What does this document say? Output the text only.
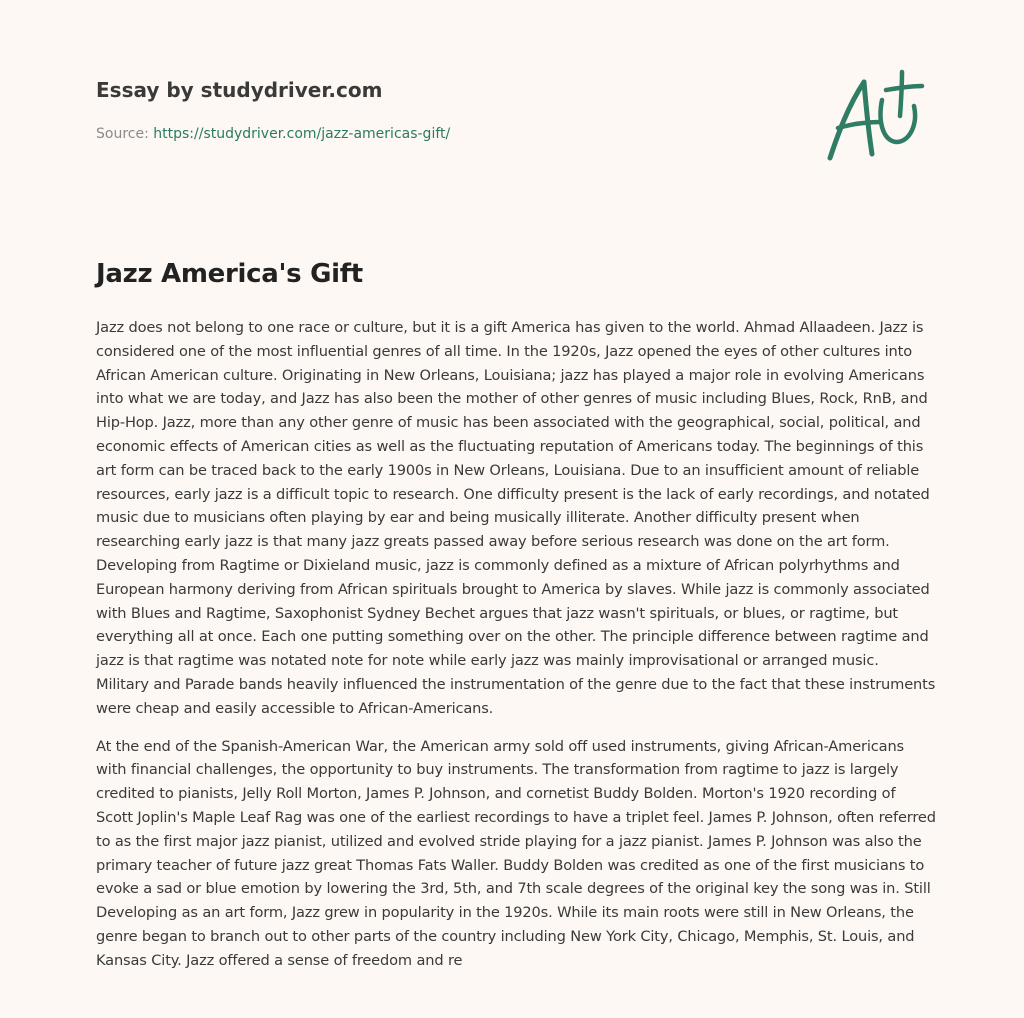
Essay by studydriver.com
Source: https://studydriver.com/jazz-americas-gift/
Jazz America's Gift

Jazz does not belong to one race or culture, but it is a gift America has given to the world. Ahmad Allaadeen. Jazz is considered one of the most influential genres of all time. In the 1920s, Jazz opened the eyes of other cultures into African American culture. Originating in New Orleans, Louisiana; jazz has played a major role in evolving Americans into what we are today, and Jazz has also been the mother of other genres of music including Blues, Rock, RnB, and Hip-Hop. Jazz, more than any other genre of music has been associated with the geographical, social, political, and economic effects of American cities as well as the fluctuating reputation of Americans today. The beginnings of this art form can be traced back to the early 1900s in New Orleans, Louisiana. Due to an insufficient amount of reliable resources, early jazz is a difficult topic to research. One difficulty present is the lack of early recordings, and notated music due to musicians often playing by ear and being musically illiterate. Another difficulty present when researching early jazz is that many jazz greats passed away before serious research was done on the art form. Developing from Ragtime or Dixieland music, jazz is commonly defined as a mixture of African polyrhythms and European harmony deriving from African spirituals brought to America by slaves. While jazz is commonly associated with Blues and Ragtime, Saxophonist Sydney Bechet argues that jazz wasn't spirituals, or blues, or ragtime, but everything all at once. Each one putting something over on the other. The principle difference between ragtime and jazz is that ragtime was notated note for note while early jazz was mainly improvisational or arranged music. Military and Parade bands heavily influenced the instrumentation of the genre due to the fact that these instruments were cheap and easily accessible to African-Americans.

At the end of the Spanish-American War, the American army sold off used instruments, giving African-Americans with financial challenges, the opportunity to buy instruments. The transformation from ragtime to jazz is largely credited to pianists, Jelly Roll Morton, James P. Johnson, and cornetist Buddy Bolden. Morton's 1920 recording of Scott Joplin's Maple Leaf Rag was one of the earliest recordings to have a triplet feel. James P. Johnson, often referred to as the first major jazz pianist, utilized and evolved stride playing for a jazz pianist. James P. Johnson was also the primary teacher of future jazz great Thomas Fats Waller. Buddy Bolden was credited as one of the first musicians to evoke a sad or blue emotion by lowering the 3rd, 5th, and 7th scale degrees of the original key the song was in. Still Developing as an art form, Jazz grew in popularity in the 1920s. While its main roots were still in New Orleans, the genre began to branch out to other parts of the country including New York City, Chicago, Memphis, St. Louis, and Kansas City. Jazz offered a sense of freedom and re
